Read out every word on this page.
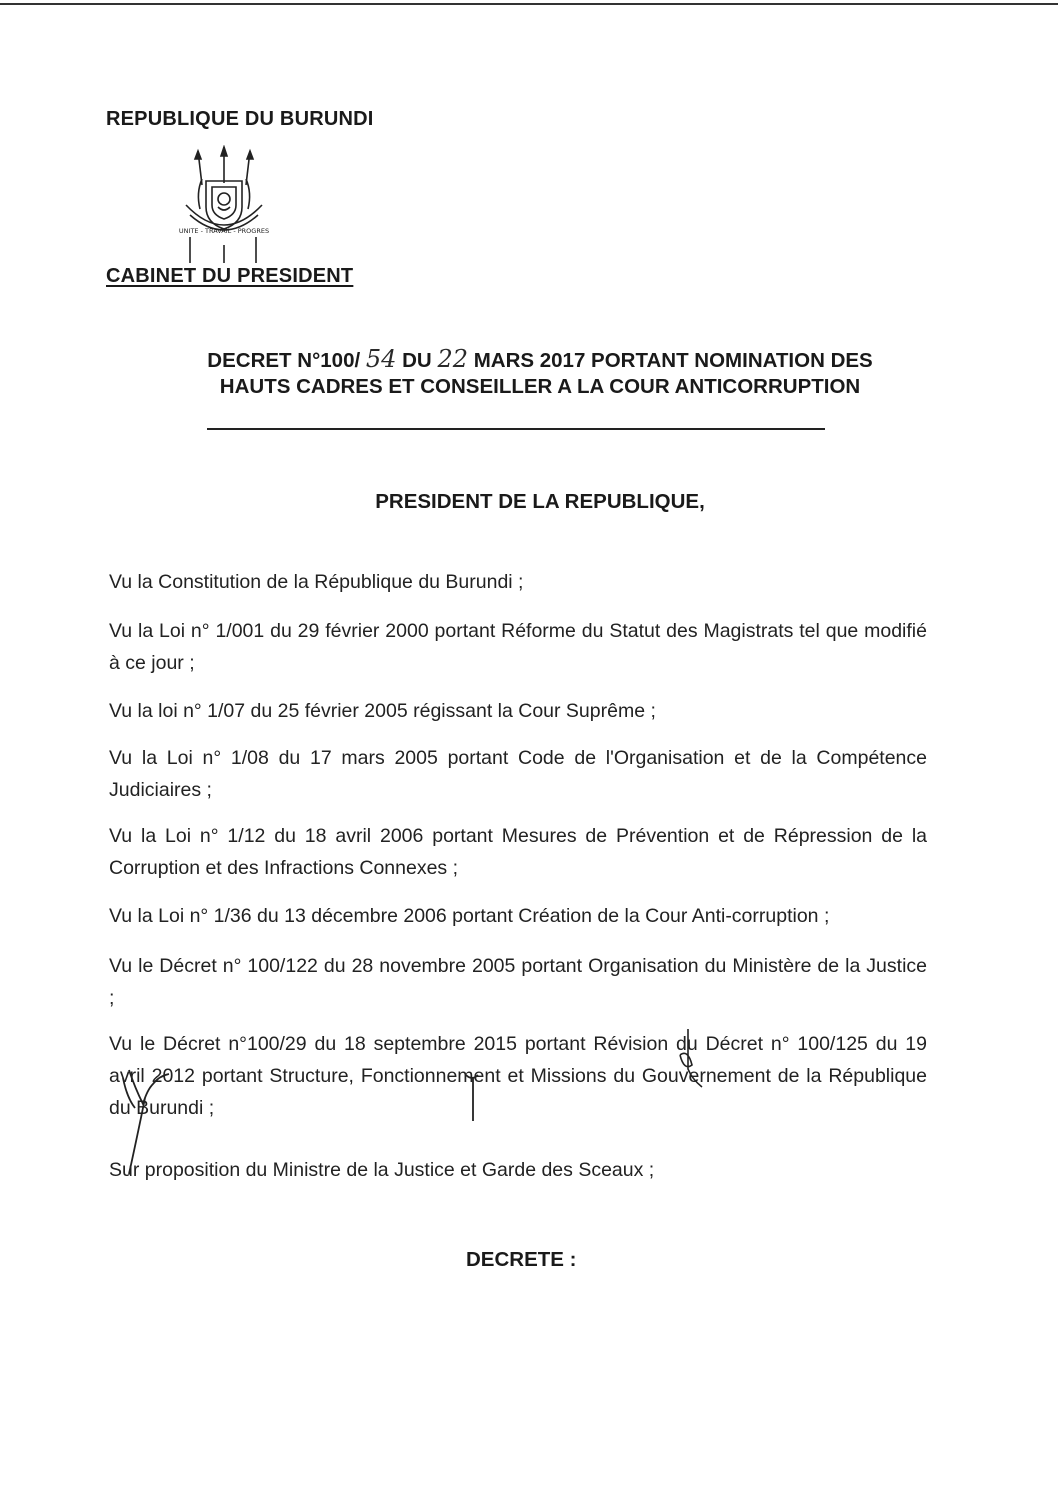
REPUBLIQUE DU BURUNDI
UNITE - TRAVAIL - PROGRES
CABINET DU PRESIDENT
DECRET N°100/ 54 DU 22 MARS 2017 PORTANT NOMINATION DES
HAUTS CADRES ET CONSEILLER A LA COUR ANTICORRUPTION
PRESIDENT DE LA REPUBLIQUE,
Vu la Constitution de la République du Burundi ;
Vu la Loi n° 1/001 du 29 février 2000 portant Réforme du Statut des Magistrats tel que modifié à ce jour ;
Vu la loi n° 1/07 du 25 février 2005 régissant la Cour Suprême ;
Vu la Loi n° 1/08 du 17 mars 2005 portant Code de l'Organisation et de la Compétence Judiciaires ;
Vu la Loi n° 1/12 du 18 avril 2006 portant Mesures de Prévention et de Répression de la Corruption et des Infractions Connexes ;
Vu la Loi n° 1/36 du 13 décembre 2006 portant Création de la Cour Anti-corruption ;
Vu le Décret n° 100/122 du 28 novembre 2005 portant Organisation du Ministère de la Justice ;
Vu le Décret n°100/29 du 18 septembre 2015 portant Révision du Décret n° 100/125 du 19 avril 2012 portant Structure, Fonctionnement et Missions du Gouvernement de la République du Burundi ;
Sur proposition du Ministre de la Justice et Garde des Sceaux ;
DECRETE :
